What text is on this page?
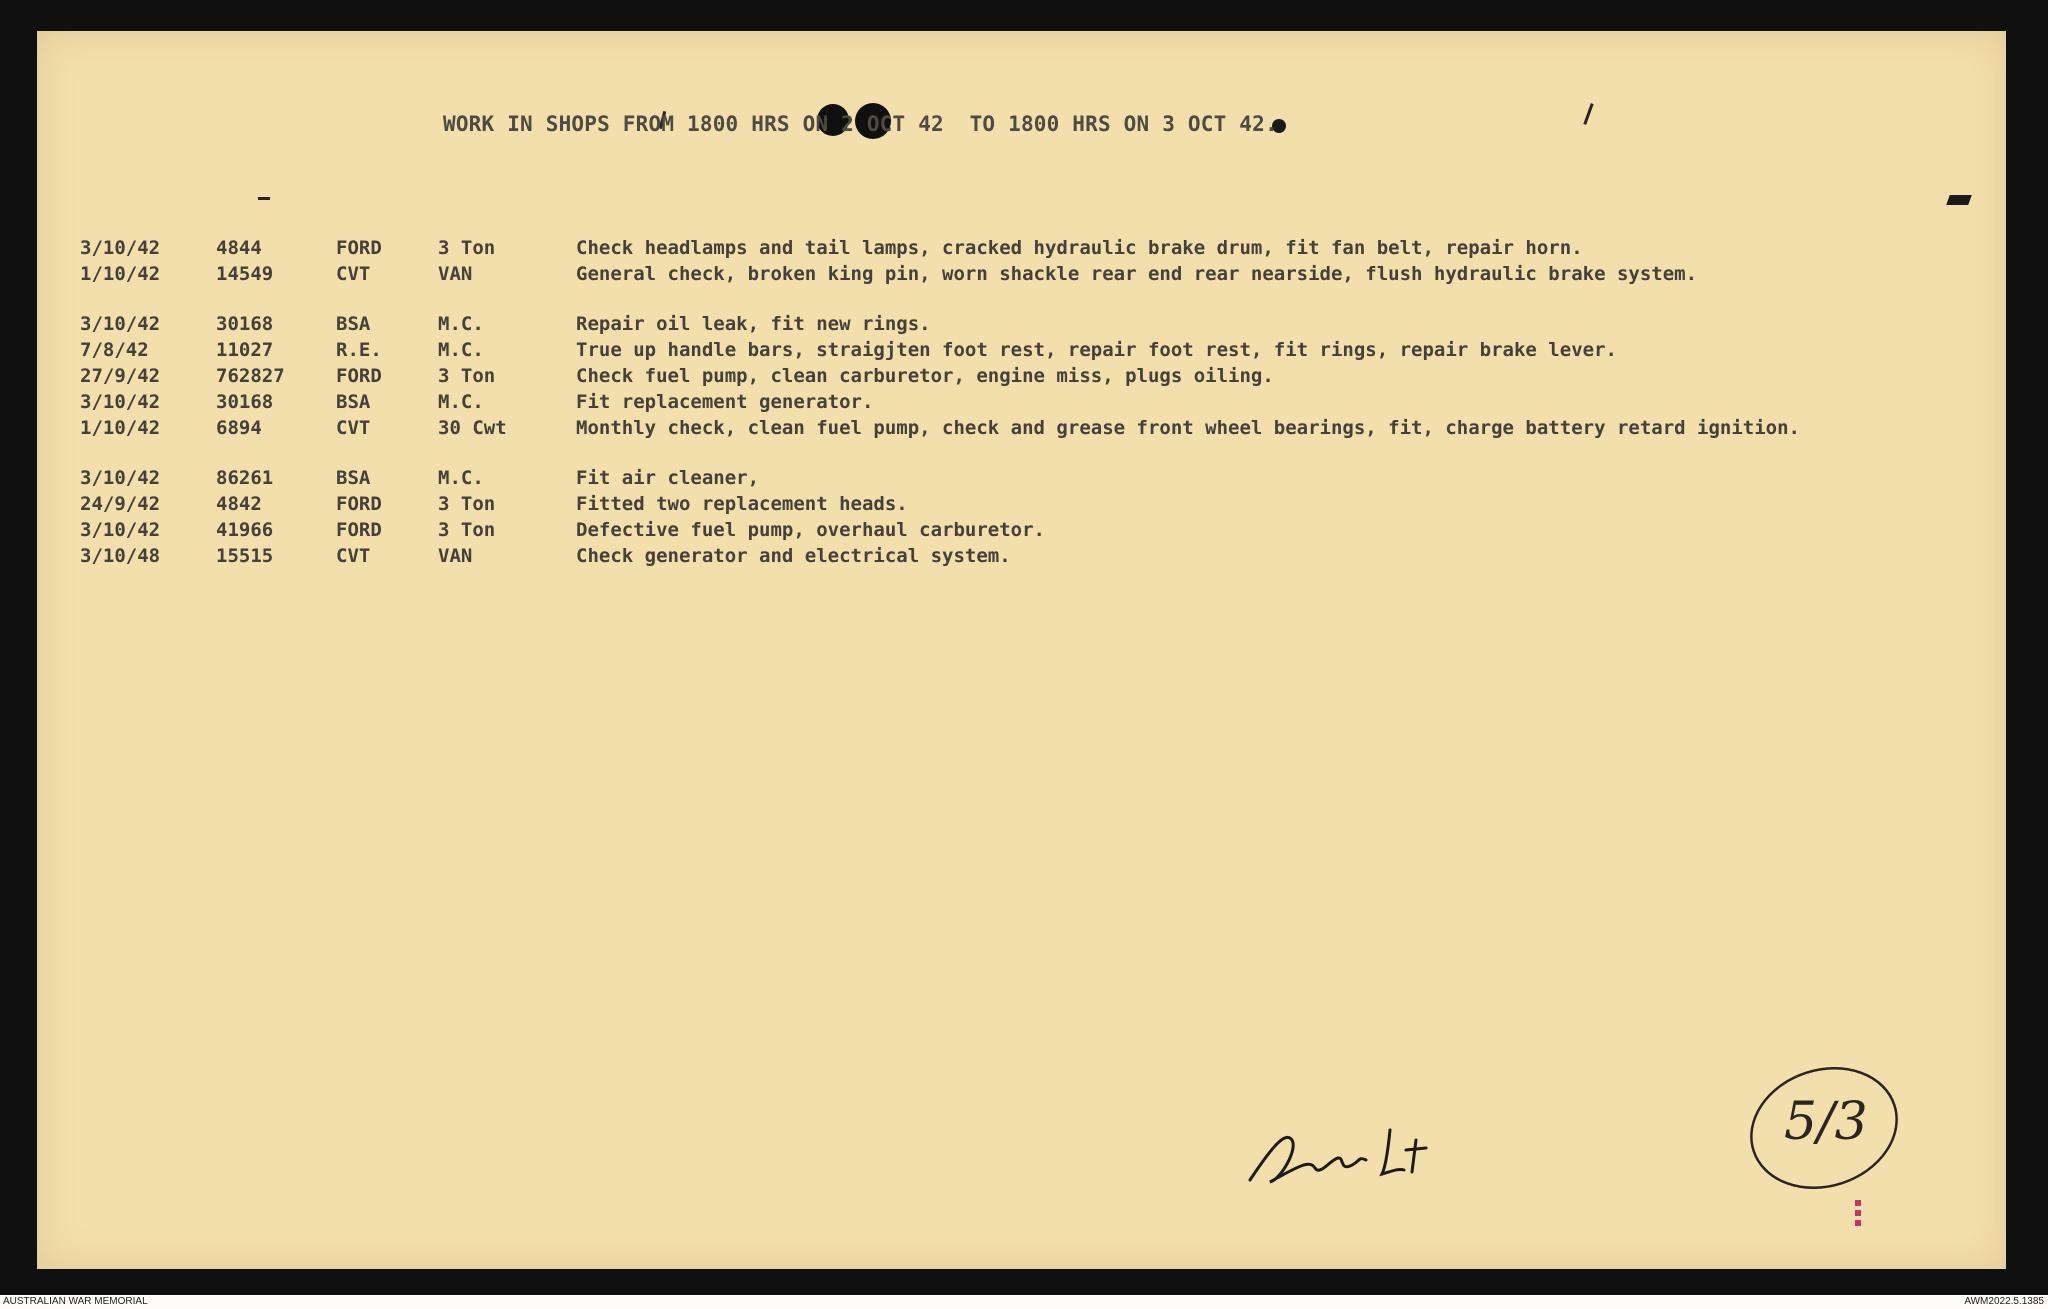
WORK IN SHOPS FROM 1800 HRS ON 2 OCT 42  TO 1800 HRS ON 3 OCT 42.
3/10/42	4844	FORD	3 Ton	Check headlamps and tail lamps, cracked hydraulic brake drum, fit fan belt, repair horn.
1/10/42	14549	CVT	VAN	General check, broken king pin, worn shackle rear end rear nearside, flush hydraulic brake system.
3/10/42	30168	BSA	M.C.	Repair oil leak, fit new rings.
7/8/42	11027	R.E.	M.C.	True up handle bars, straigjten foot rest, repair foot rest, fit rings, repair brake lever.
27/9/42	762827	FORD	3 Ton	Check fuel pump, clean carburetor, engine miss, plugs oiling.
3/10/42	30168	BSA	M.C.	Fit replacement generator.
1/10/42	6894	CVT	30 Cwt	Monthly check, clean fuel pump, check and grease front wheel bearings, fit, charge battery retard ignition.
3/10/42	86261	BSA	M.C.	Fit air cleaner,
24/9/42	4842	FORD	3 Ton	Fitted two replacement heads.
3/10/42	41966	FORD	3 Ton	Defective fuel pump, overhaul carburetor.
3/10/48	15515	CVT	VAN	Check generator and electrical system.
5/3
AUSTRALIAN WAR MEMORIAL	AWM2022.5.1385
